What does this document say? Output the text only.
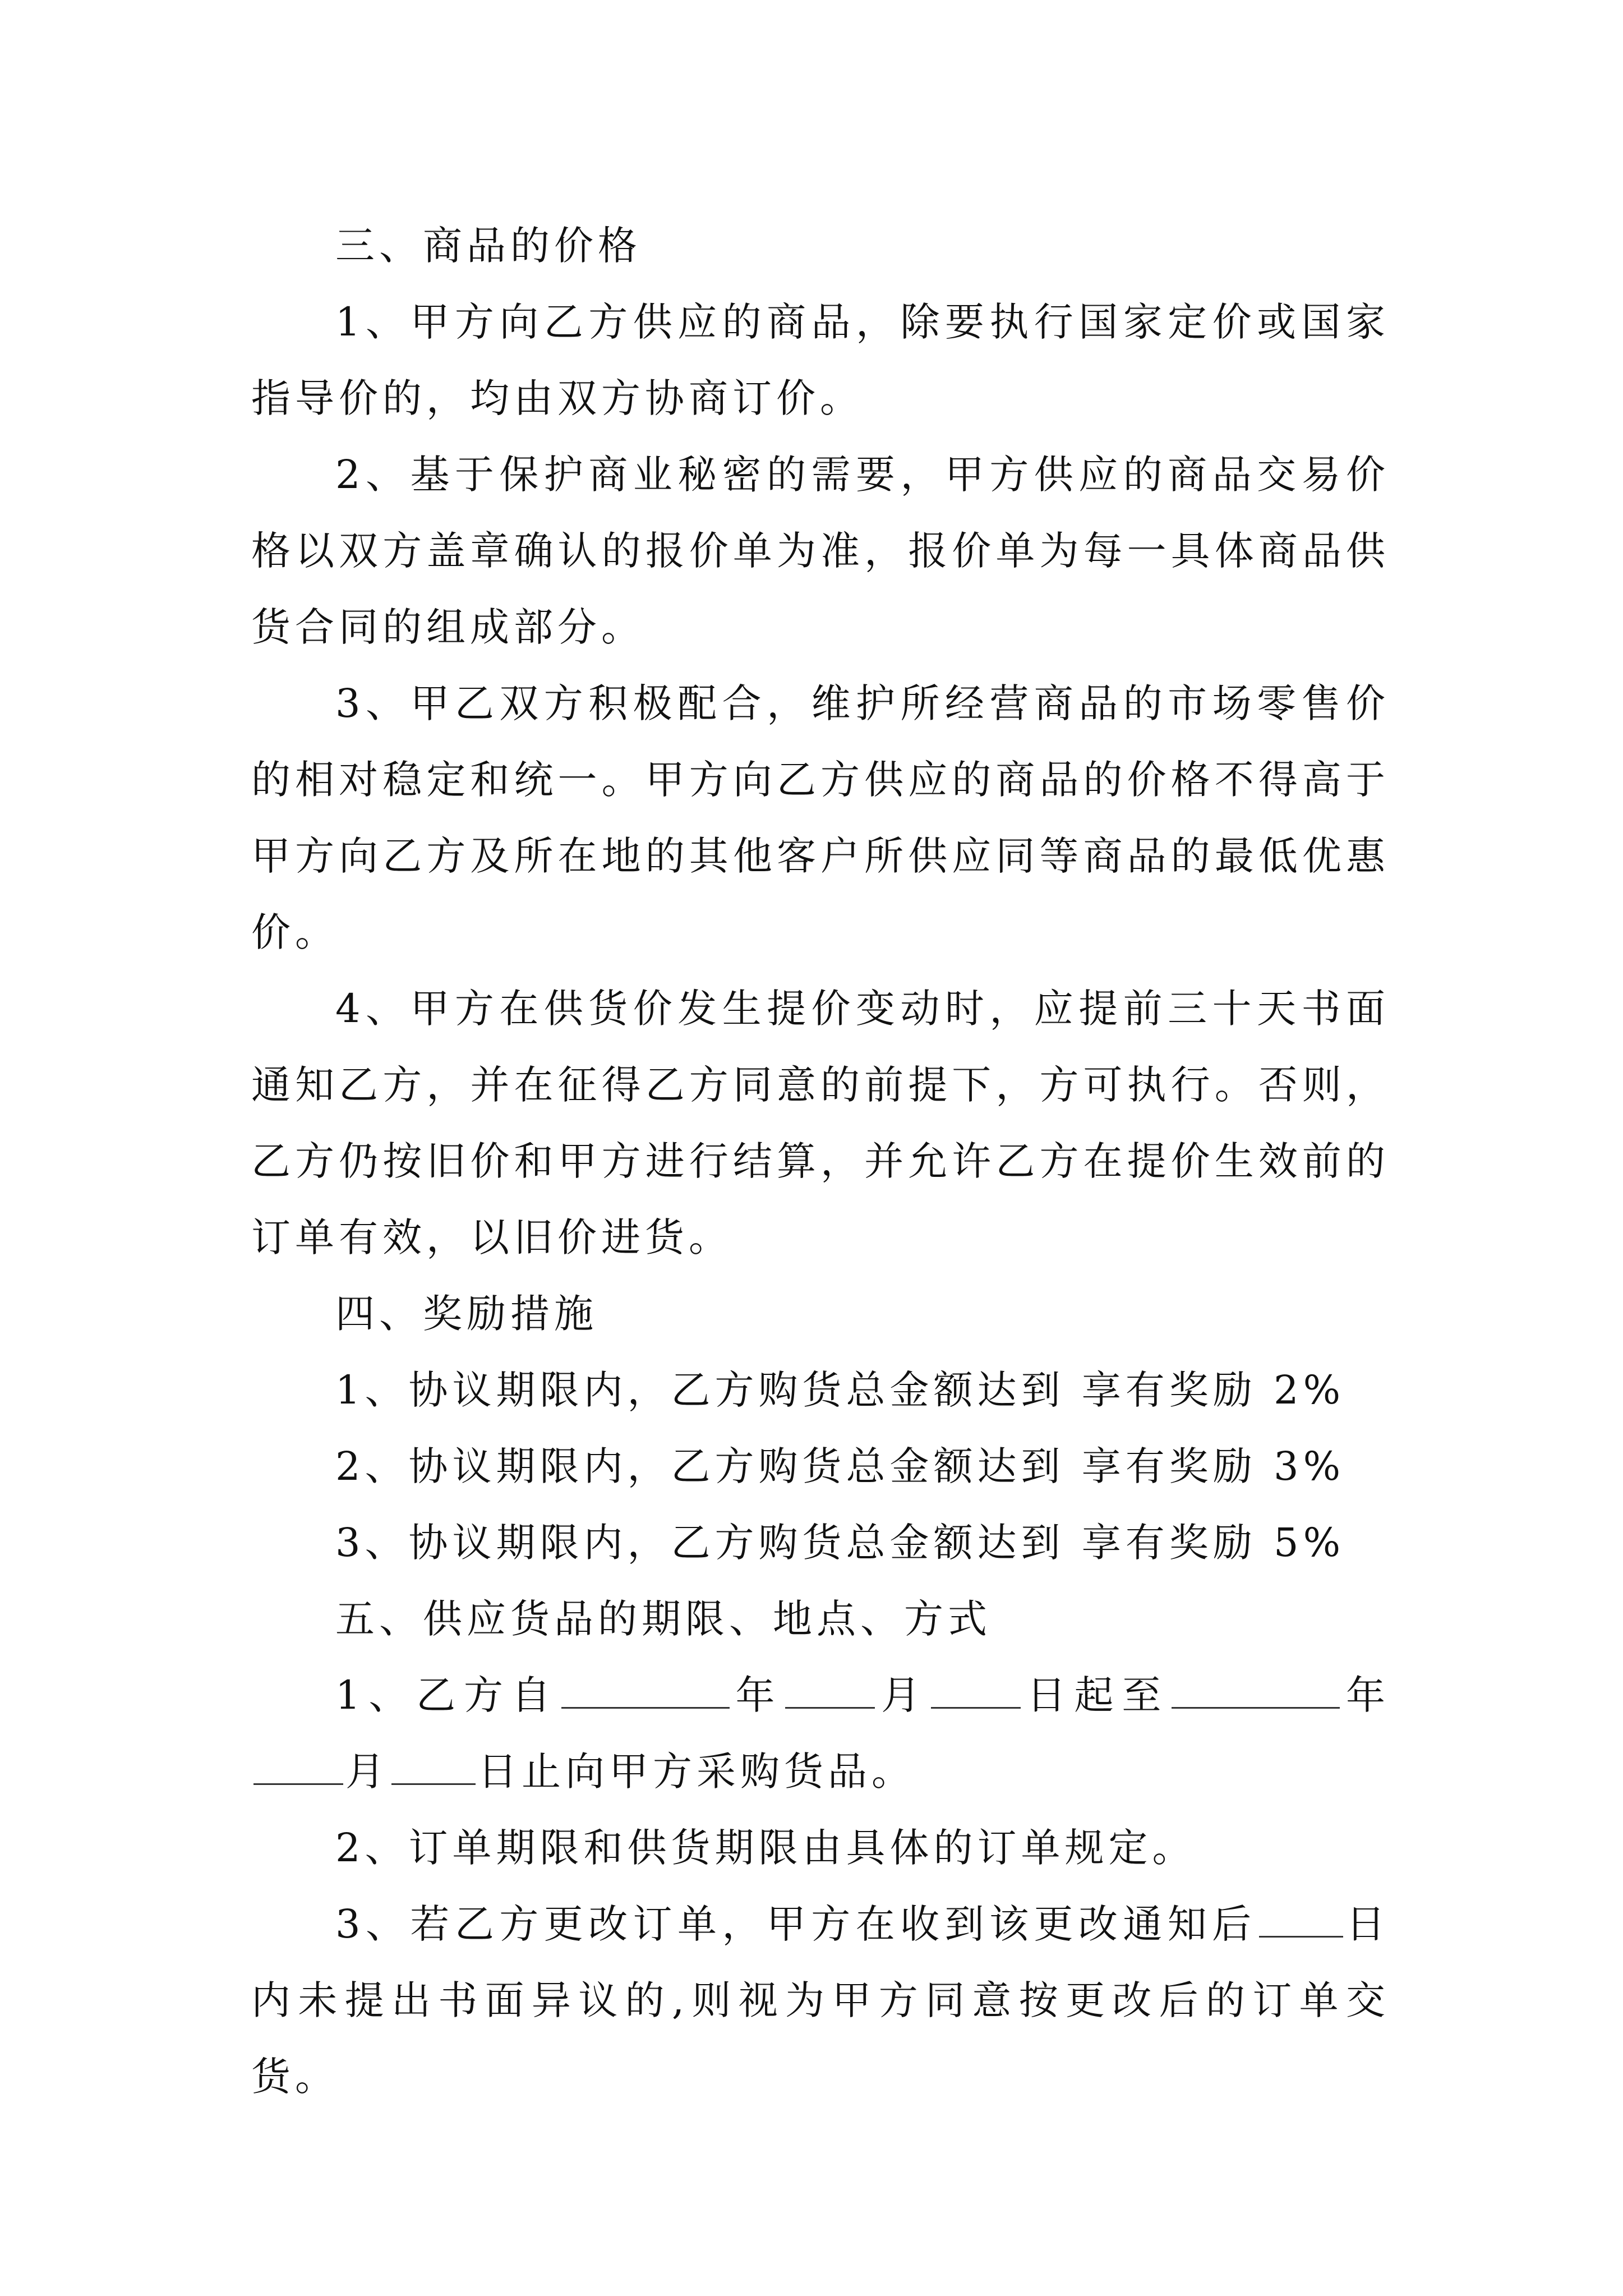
三、商品的价格

1、甲方向乙方供应的商品，除要执行国家定价或国家指导价的，均由双方协商订价。

2、基于保护商业秘密的需要，甲方供应的商品交易价格以双方盖章确认的报价单为准，报价单为每一具体商品供货合同的组成部分。

3、甲乙双方积极配合，维护所经营商品的市场零售价的相对稳定和统一。甲方向乙方供应的商品的价格不得高于甲方向乙方及所在地的其他客户所供应同等商品的最低优惠价。

4、甲方在供货价发生提价变动时，应提前三十天书面通知乙方，并在征得乙方同意的前提下，方可执行。否则，乙方仍按旧价和甲方进行结算，并允许乙方在提价生效前的订单有效，以旧价进货。

四、奖励措施

1、协议期限内，乙方购货总金额达到 享有奖励 2%

2、协议期限内，乙方购货总金额达到 享有奖励 3%

3、协议期限内，乙方购货总金额达到 享有奖励 5%

五、供应货品的期限、地点、方式

1、乙方自	年 月 日起至	年月 日止向甲方采购货品。

2、订单期限和供货期限由具体的订单规定。

3、若乙方更改订单，甲方在收到该更改通知后 日内未提出书面异议的,则视为甲方同意按更改后的订单交货。
